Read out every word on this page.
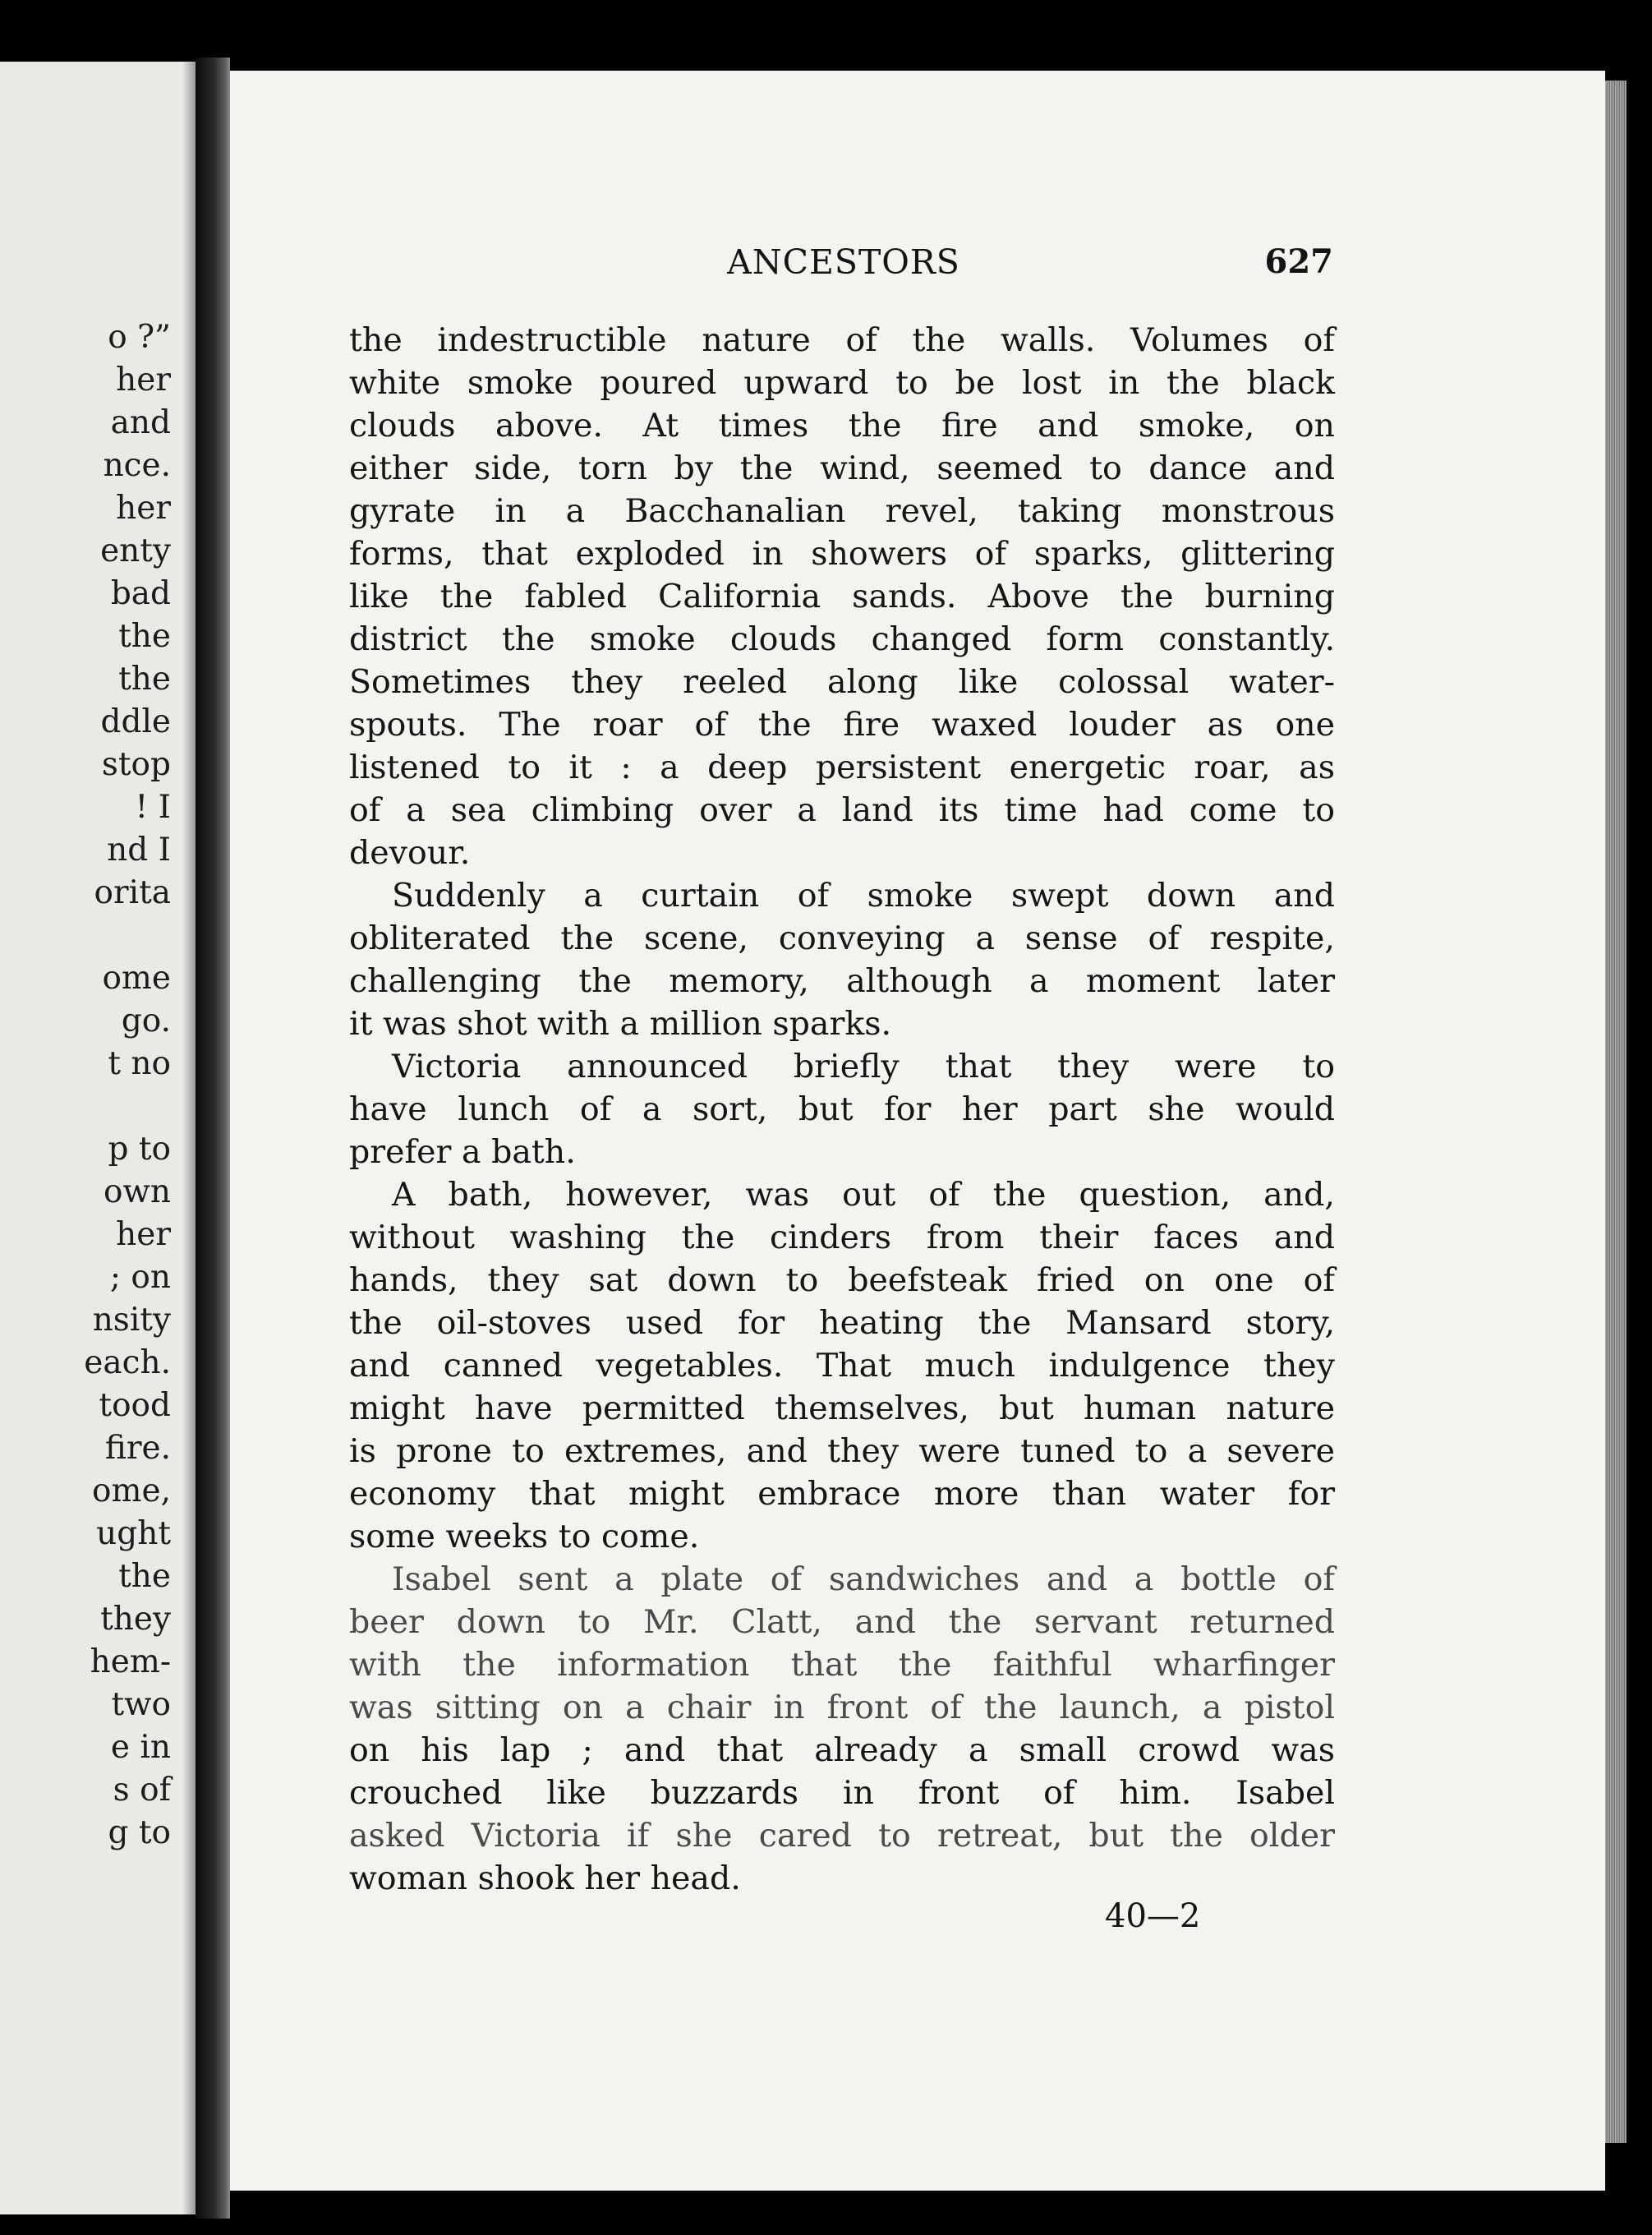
o ?”

her

and

nce.

her

enty

bad

the

the

ddle

stop

! I

nd I

orita

ome

go.

t no

p to

own

her

; on

nsity

each.

tood

fire.

ome,

ught

the

they

hem-

two

e in

s of

g to

ANCESTORS	627
the indestructible nature of the walls. Volumes of
white smoke poured upward to be lost in the black
clouds above. At times the fire and smoke, on
either side, torn by the wind, seemed to dance and
gyrate in a Bacchanalian revel, taking monstrous
forms, that exploded in showers of sparks, glittering
like the fabled California sands. Above the burning
district the smoke clouds changed form constantly.
Sometimes they reeled along like colossal water-
spouts. The roar of the fire waxed louder as one
listened to it : a deep persistent energetic roar, as
of a sea climbing over a land its time had come to
devour.
Suddenly a curtain of smoke swept down and
obliterated the scene, conveying a sense of respite,
challenging the memory, although a moment later
it was shot with a million sparks.
Victoria announced briefly that they were to
have lunch of a sort, but for her part she would
prefer a bath.
A bath, however, was out of the question, and,
without washing the cinders from their faces and
hands, they sat down to beefsteak fried on one of
the oil-stoves used for heating the Mansard story,
and canned vegetables. That much indulgence they
might have permitted themselves, but human nature
is prone to extremes, and they were tuned to a severe
economy that might embrace more than water for
some weeks to come.
Isabel sent a plate of sandwiches and a bottle of
beer down to Mr. Clatt, and the servant returned
with the information that the faithful wharfinger
was sitting on a chair in front of the launch, a pistol
on his lap ; and that already a small crowd was
crouched like buzzards in front of him. Isabel
asked Victoria if she cared to retreat, but the older
woman shook her head.
40—2
